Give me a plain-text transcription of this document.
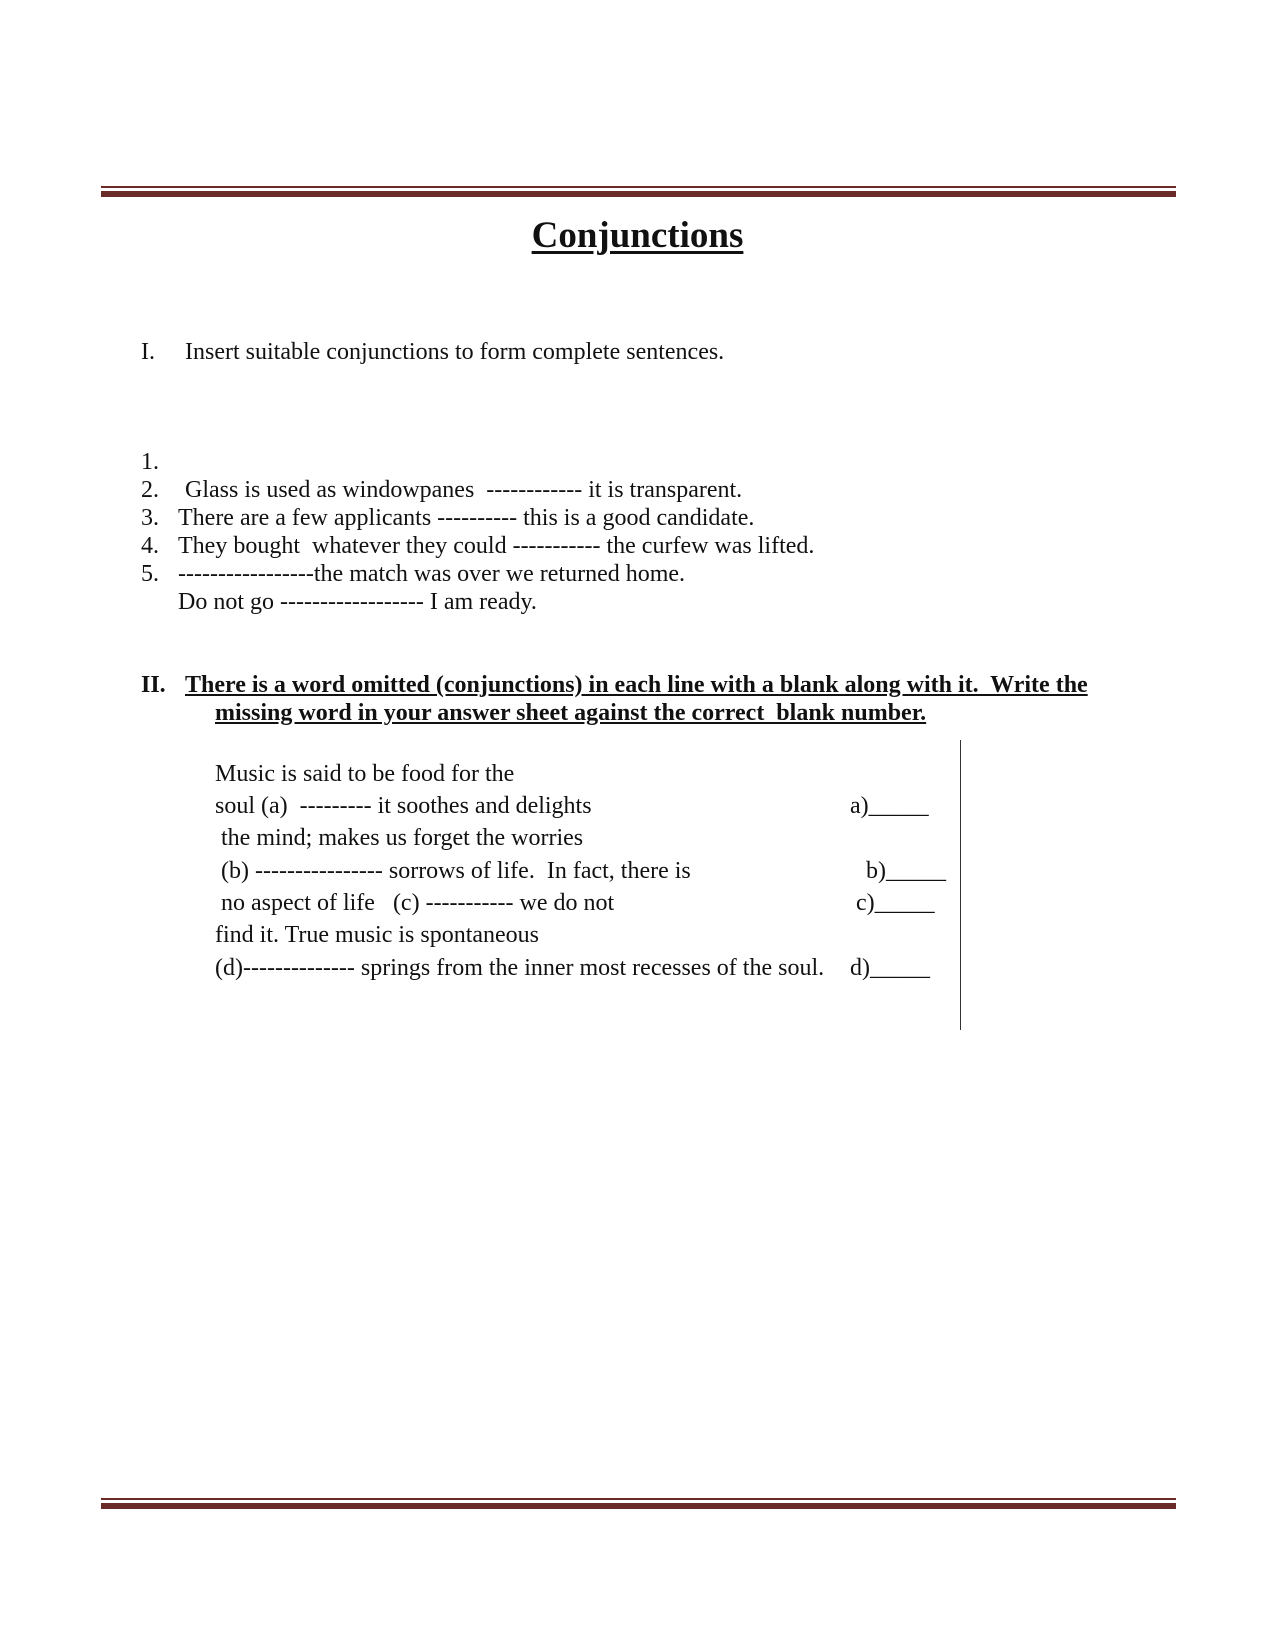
Conjunctions
I. Insert suitable conjunctions to form complete sentences.

1.

Glass is used as windowpanes  ------------ it is transparent.

2.

There are a few applicants ---------- this is a good candidate.

3.

They bought  whatever they could ----------- the curfew was lifted.

4.

-----------------the match was over we returned home.

5.

Do not go ------------------ I am ready.

II. There is a word omitted (conjunctions) in each line with a blank along with it.  Write the
missing word in your answer sheet against the correct  blank number.
Music is said to be food for the
soul (a)  --------- it soothes and delights
the mind; makes us forget the worries
(b) ---------------- sorrows of life.  In fact, there is
no aspect of life   (c) ----------- we do not
find it. True music is spontaneous
(d)-------------- springs from the inner most recesses of the soul.
a)_____
b)_____
c)_____
d)_____
